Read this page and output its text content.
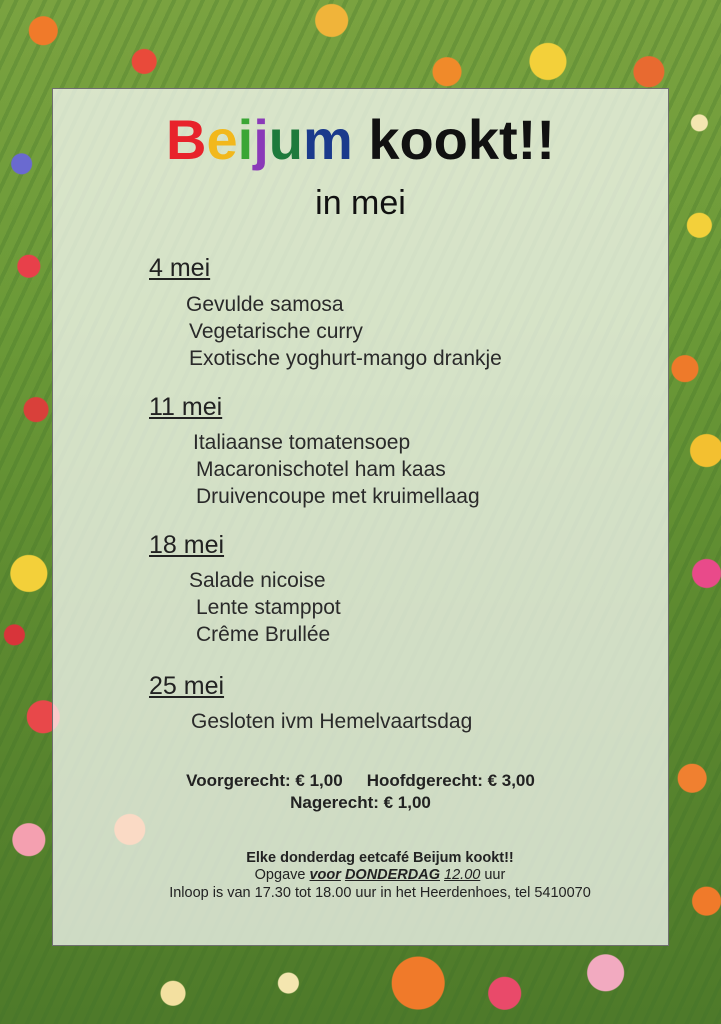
Beijum kookt!!
in mei
4 mei
Gevulde samosa
Vegetarische curry
Exotische yoghurt-mango drankje
11 mei
Italiaanse tomatensoep
Macaronischotel ham kaas
Druivencoupe met kruimellaag
18 mei
Salade nicoise
Lente stamppot
Crême Brullée
25 mei
Gesloten ivm Hemelvaartsdag
Voorgerecht: € 1,00 Hoofdgerecht: € 3,00
Nagerecht: € 1,00
Elke donderdag eetcafé Beijum kookt!!
Opgave voor DONDERDAG 12.00 uur
Inloop is van 17.30 tot 18.00 uur in het Heerdenhoes, tel 5410070
